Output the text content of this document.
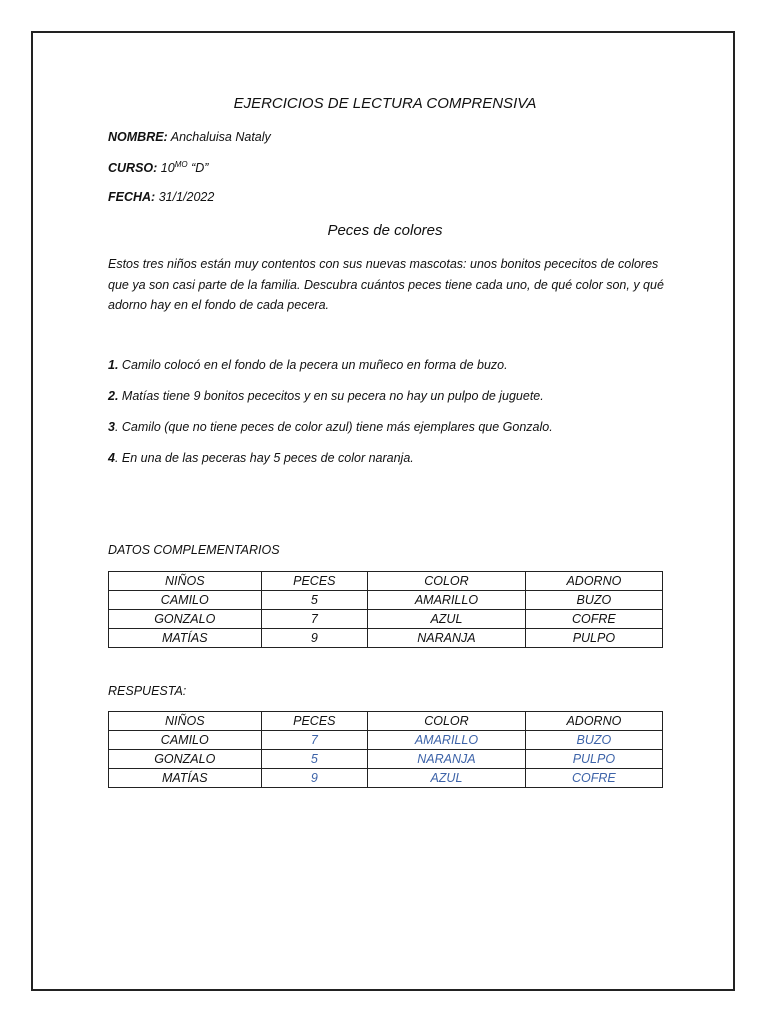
EJERCICIOS DE LECTURA COMPRENSIVA
NOMBRE: Anchaluisa Nataly
CURSO: $10^{MO}$ “D”
FECHA: 31/1/2022
Peces de colores
Estos tres niños están muy contentos con sus nuevas mascotas: unos bonitos pececitos de colores que ya son casi parte de la familia. Descubra cuántos peces tiene cada uno, de qué color son, y qué adorno hay en el fondo de cada pecera.
1. Camilo colocó en el fondo de la pecera un muñeco en forma de buzo.
2. Matías tiene 9 bonitos pececitos y en su pecera no hay un pulpo de juguete.
3. Camilo (que no tiene peces de color azul) tiene más ejemplares que Gonzalo.
4. En una de las peceras hay 5 peces de color naranja.
DATOS COMPLEMENTARIOS
NIÑOS	PECES	COLOR	ADORNO
CAMILO	5	AMARILLO	BUZO
GONZALO	7	AZUL	COFRE
MATÍAS	9	NARANJA	PULPO
RESPUESTA:
NIÑOS	PECES	COLOR	ADORNO
CAMILO	7	AMARILLO	BUZO
GONZALO	5	NARANJA	PULPO
MATÍAS	9	AZUL	COFRE
